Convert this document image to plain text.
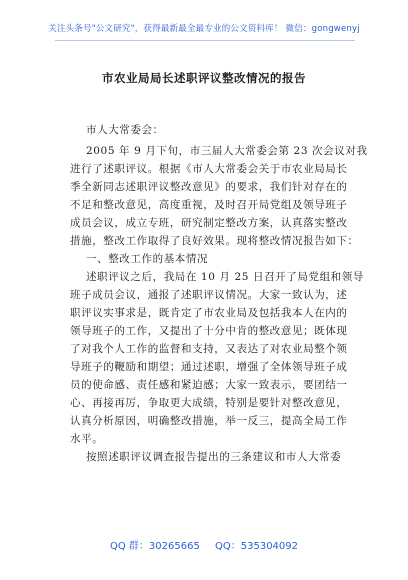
关注头条号"公文研究"，获得最新最全最专业的公文资料库！ 微信：gongwenyj
市农业局局长述职评议整改情况的报告
市人大常委会：
2005 年 9 月下旬，市三届人大常委会第 23 次会议对我
进行了述职评议。根据《市人大常委会关于市农业局局长
季全新同志述职评议整改意见》的要求，我们针对存在的
不足和整改意见，高度重视，及时召开局党组及领导班子
成员会议，成立专班，研究制定整改方案，认真落实整改
措施，整改工作取得了良好效果。现将整改情况报告如下：
一、整改工作的基本情况
述职评议之后，我局在 10 月 25 日召开了局党组和领导
班子成员会议，通报了述职评议情况。大家一致认为，述
职评议实事求是，既肯定了市农业局及包括我本人在内的
领导班子的工作，又提出了十分中肯的整改意见；既体现
了对我个人工作的监督和支持，又表达了对农业局整个领
导班子的鞭励和期望；通过述职，增强了全体领导班子成
员的使命感、责任感和紧迫感；大家一致表示，要团结一
心、再接再厉，争取更大成绩，特别是要针对整改意见，
认真分析原因，明确整改措施，举一反三，提高全局工作
水平。
按照述职评议调查报告提出的三条建议和市人大常委
QQ 群：30265665 QQ：535304092
